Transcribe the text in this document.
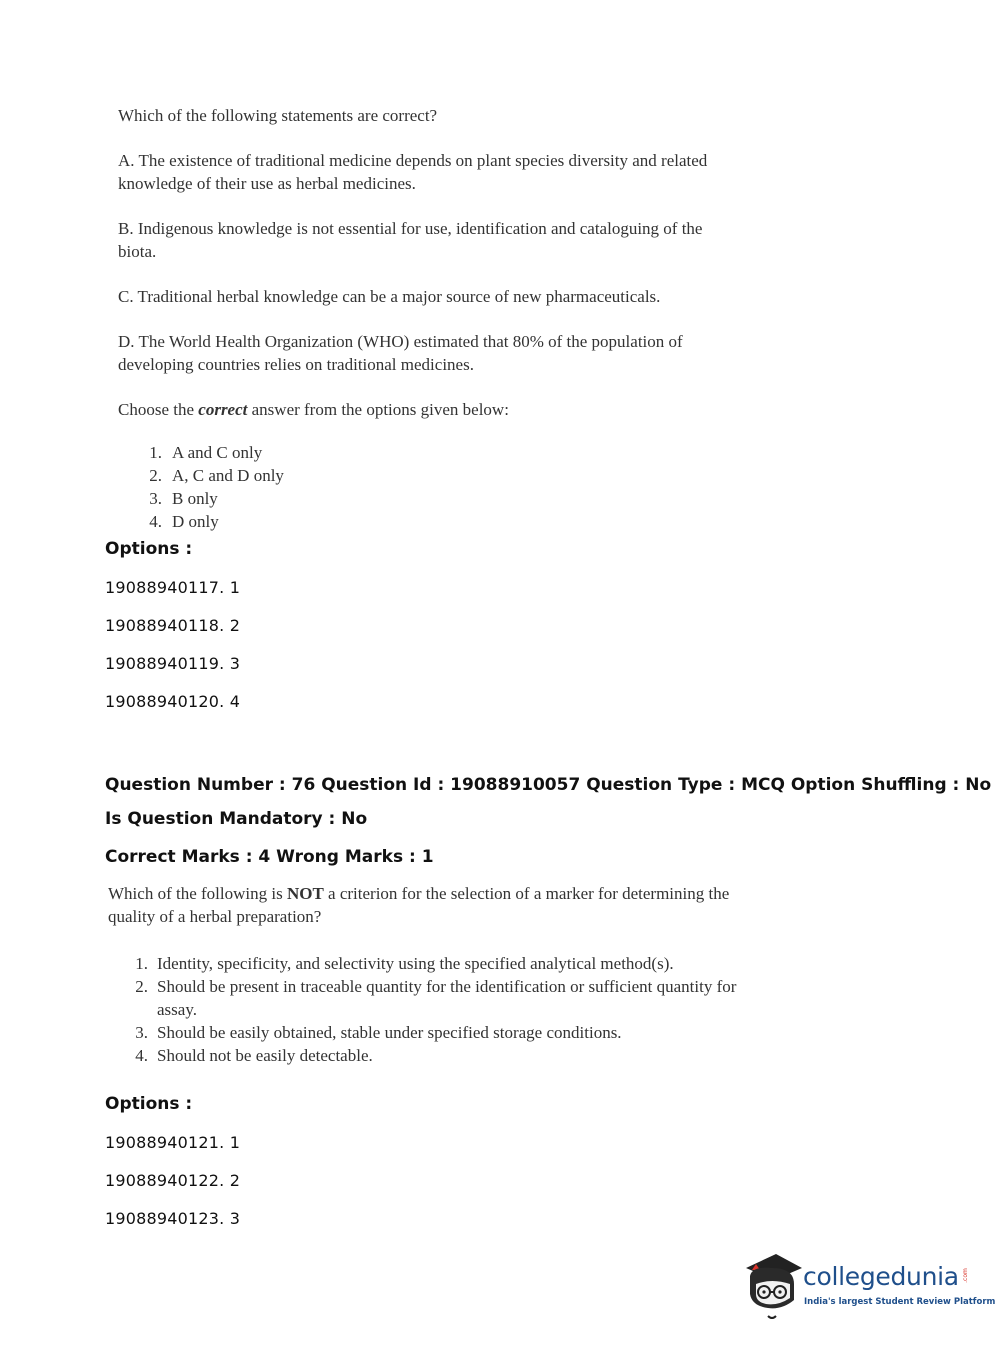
Which of the following statements are correct?

A. The existence of traditional medicine depends on plant species diversity and related knowledge of their use as herbal medicines.

B. Indigenous knowledge is not essential for use, identification and cataloguing of the biota.

C. Traditional herbal knowledge can be a major source of new pharmaceuticals.

D. The World Health Organization (WHO) estimated that 80% of the population of developing countries relies on traditional medicines.

Choose the correct answer from the options given below:

1. A and C only
2. A, C and D only
3. B only
4. D only
Options :
19088940117. 1
19088940118. 2
19088940119. 3
19088940120. 4
Question Number : 76 Question Id : 19088910057 Question Type : MCQ Option Shuffling : No
Is Question Mandatory : No
Correct Marks : 4 Wrong Marks : 1

Which of the following is NOT a criterion for the selection of a marker for determining the quality of a herbal preparation?

1. Identity, specificity, and selectivity using the specified analytical method(s).
2. Should be present in traceable quantity for the identification or sufficient quantity for assay.
3. Should be easily obtained, stable under specified storage conditions.
4. Should not be easily detectable.
Options :
19088940121. 1
19088940122. 2
19088940123. 3
collegedunia .com
India's largest Student Review Platform
